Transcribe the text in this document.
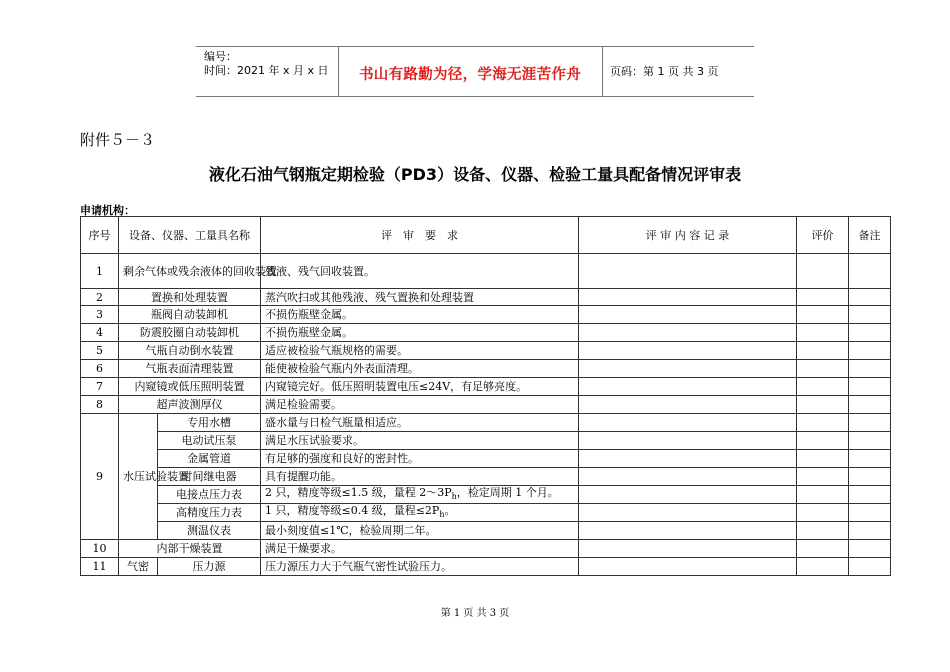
编号：
时间：2021 年 x 月 x 日	书山有路勤为径，学海无涯苦作舟	页码：第 1 页 共 3 页
附件５－３
液化石油气钢瓶定期检验（PD3）设备、仪器、检验工量具配备情况评审表
申请机构：
序号	设备、仪器、工量具名称		评　审　要　求	评 审 内 容 记 录	评价	备注
1	剩余气体或残余液体的回收装置		残液、残气回收装置。			
2	置换和处理装置		蒸汽吹扫或其他残液、残气置换和处理装置			
3	瓶阀自动装卸机		不损伤瓶壁金属。			
4	防震胶圈自动装卸机		不损伤瓶壁金属。			
5	气瓶自动倒水装置		适应被检验气瓶规格的需要。			
6	气瓶表面清理装置		能使被检验气瓶内外表面清理。			
7	内窥镜或低压照明装置		内窥镜完好。低压照明装置电压≤24V，有足够亮度。			
8	超声波测厚仪		满足检验需要。			
9	水压试验装置	专用水槽	盛水量与日检气瓶量相适应。			
		电动试压泵	满足水压试验要求。			
		金属管道	有足够的强度和良好的密封性。			
		时间继电器	具有提醒功能。			
		电接点压力表	2 只，精度等级≤1.5 级，量程 $2\sim 3P_h$，检定周期 1 个月。			
		高精度压力表	1 只，精度等级≤0.4 级，量程$\le 2P_h$。			
		测温仪表	最小刻度值≤1℃，检验周期二年。			
10	内部干燥装置		满足干燥要求。			
11	气密	压力源	压力源压力大于气瓶气密性试验压力。			
第 1 页 共 3 页
